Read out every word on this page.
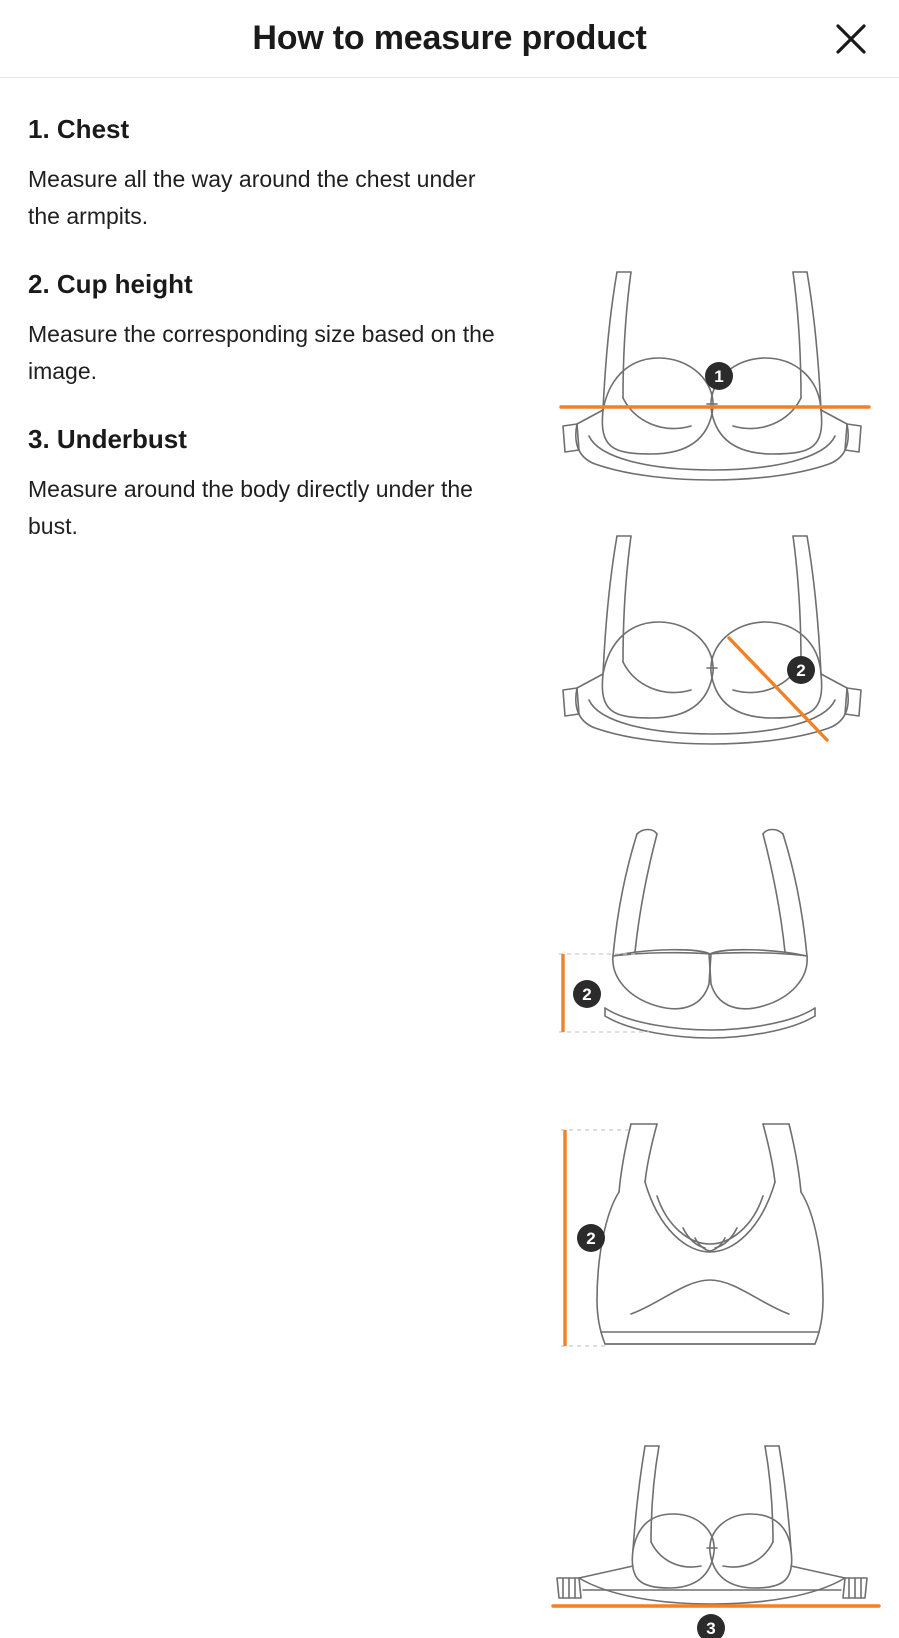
How to measure product
1. Chest

Measure all the way around the chest under the armpits.

2. Cup height

Measure the corresponding size based on the image.

3. Underbust

Measure around the body directly under the bust.

1
2
2
2
3
